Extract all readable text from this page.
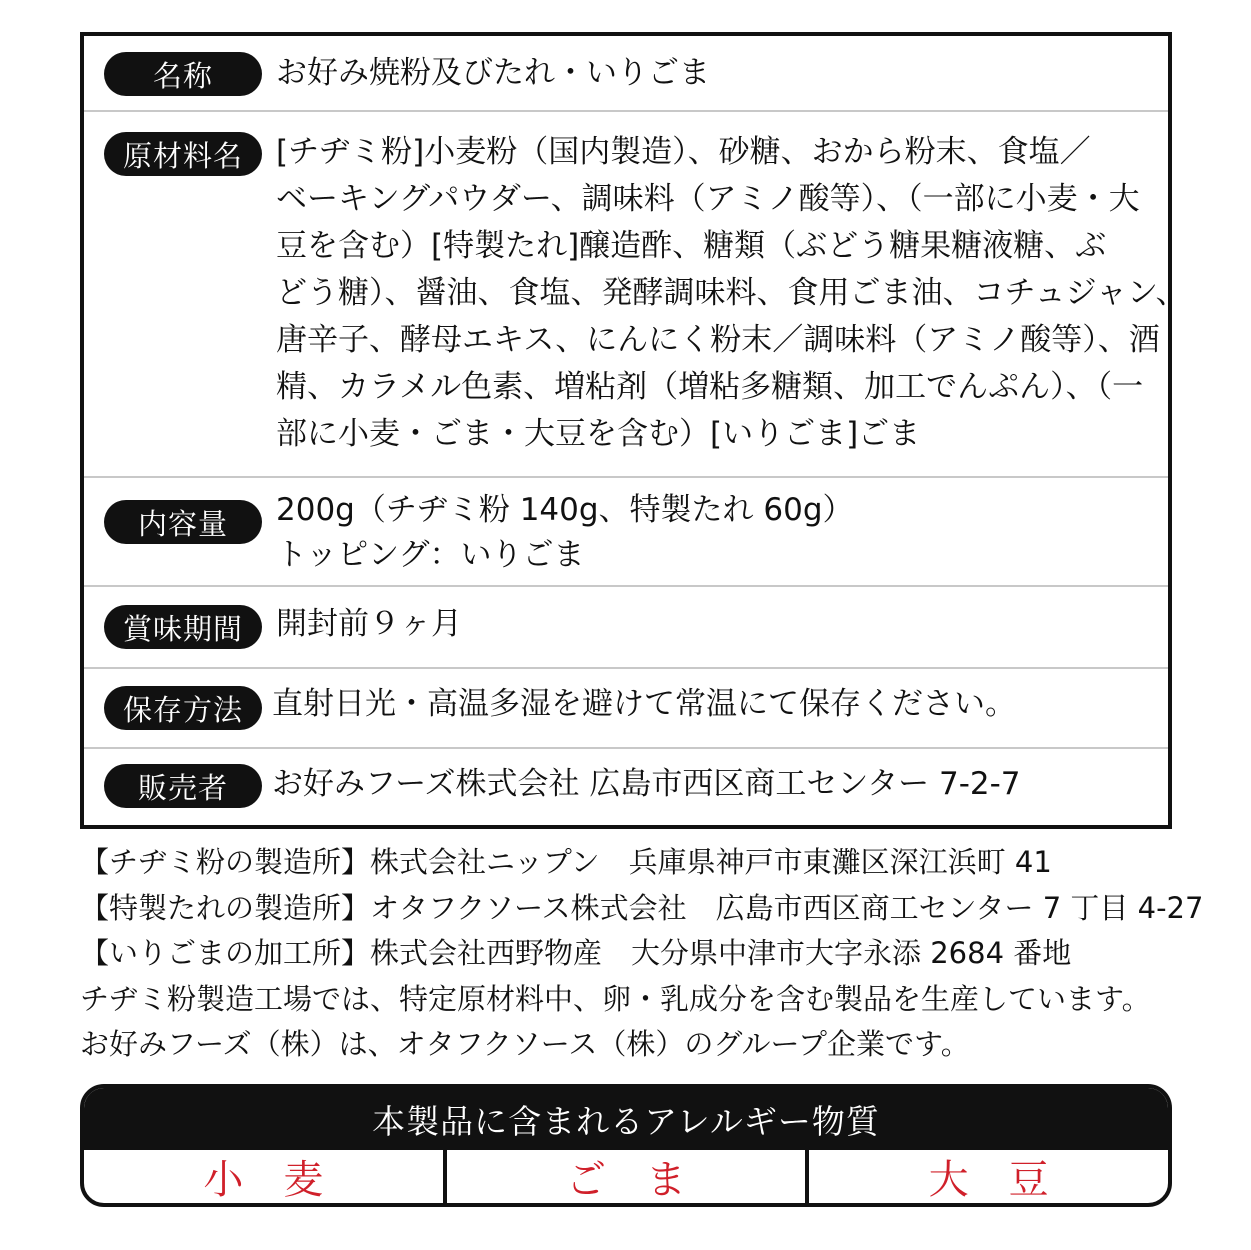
名称	お好み焼粉及びたれ・いりごま
原材料名	[チヂミ粉]小麦粉（国内製造）、砂糖、おから粉末、食塩／
ベーキングパウダー、調味料（アミノ酸等）、（一部に小麦・大
豆を含む）[特製たれ]醸造酢、糖類（ぶどう糖果糖液糖、ぶ
どう糖）、醤油、食塩、発酵調味料、食用ごま油、コチュジャン、
唐辛子、酵母エキス、にんにく粉末／調味料（アミノ酸等）、酒
精、カラメル色素、増粘剤（増粘多糖類、加工でんぷん）、（一
部に小麦・ごま・大豆を含む）[いりごま]ごま
内容量	200g（チヂミ粉 140g、特製たれ 60g）
トッピング：いりごま
賞味期間	開封前９ヶ月
保存方法 直射日光・高温多湿を避けて常温にて保存ください。
販売者	お好みフーズ株式会社 広島市西区商工センター 7-2-7
【チヂミ粉の製造所】株式会社ニップン　兵庫県神戸市東灘区深江浜町 41
【特製たれの製造所】オタフクソース株式会社　広島市西区商工センター 7 丁目 4-27
【いりごまの加工所】株式会社西野物産　大分県中津市大字永添 2684 番地
チヂミ粉製造工場では、特定原材料中、卵・乳成分を含む製品を生産しています。
お好みフーズ（株）は、オタフクソース（株）のグループ企業です。
本製品に含まれるアレルギー物質
小麦	ごま	大豆
